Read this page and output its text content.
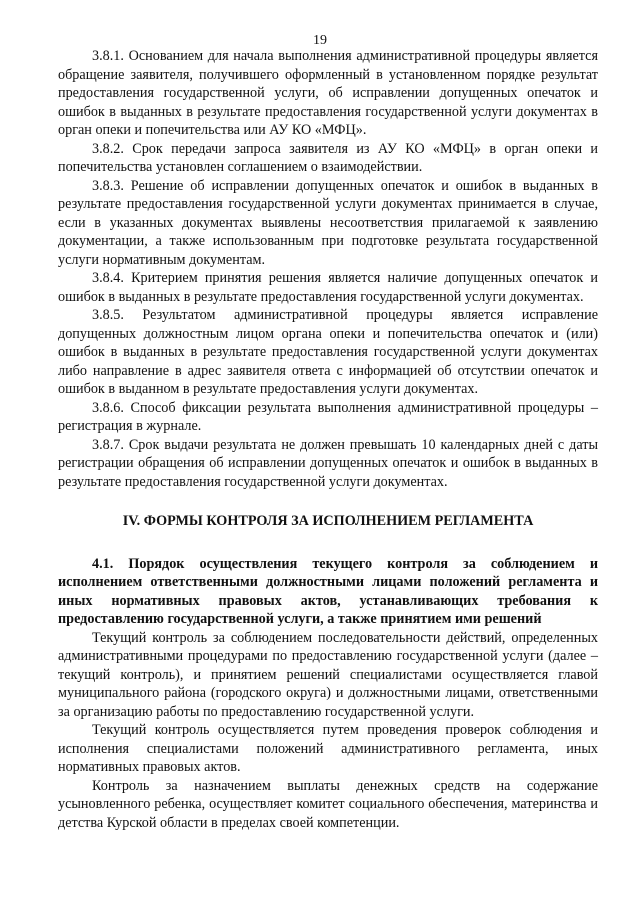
19

3.8.1. Основанием для начала выполнения административной процедуры является обращение заявителя, получившего оформленный в установленном порядке результат предоставления государственной услуги, об исправлении допущенных опечаток и ошибок в выданных в результате предоставления государственной услуги документах в орган опеки и попечительства или АУ КО «МФЦ».

3.8.2. Срок передачи запроса заявителя из АУ КО «МФЦ» в орган опеки и попечительства установлен соглашением о взаимодействии.

3.8.3. Решение об исправлении допущенных опечаток и ошибок в выданных в результате предоставления государственной услуги документах принимается в случае, если в указанных документах выявлены несоответствия прилагаемой к заявлению документации, а также использованным при подготовке результата государственной услуги нормативным документам.

3.8.4. Критерием принятия решения является наличие допущенных опечаток и ошибок в выданных в результате предоставления государственной услуги документах.

3.8.5. Результатом административной процедуры является исправление допущенных должностным лицом органа опеки и попечительства опечаток и (или) ошибок в выданных в результате предоставления государственной услуги документах либо направление в адрес заявителя ответа с информацией об отсутствии опечаток и ошибок в выданном в результате предоставления услуги документах.

3.8.6. Способ фиксации результата выполнения административной процедуры – регистрация в журнале.

3.8.7. Срок выдачи результата не должен превышать 10 календарных дней с даты регистрации обращения об исправлении допущенных опечаток и ошибок в выданных в результате предоставления государственной услуги документах.

IV. ФОРМЫ КОНТРОЛЯ ЗА ИСПОЛНЕНИЕМ РЕГЛАМЕНТА

4.1. Порядок осуществления текущего контроля за соблюдением и исполнением ответственными должностными лицами положений регламента и иных нормативных правовых актов, устанавливающих требования к предоставлению государственной услуги, а также принятием ими решений

Текущий контроль за соблюдением последовательности действий, определенных административными процедурами по предоставлению государственной услуги (далее – текущий контроль), и принятием решений специалистами осуществляется главой муниципального района (городского округа) и должностными лицами, ответственными за организацию работы по предоставлению государственной услуги.

Текущий контроль осуществляется путем проведения проверок соблюдения и исполнения специалистами положений административного регламента, иных нормативных правовых актов.

Контроль за назначением выплаты денежных средств на содержание усыновленного ребенка, осуществляет комитет социального обеспечения, материнства и детства Курской области в пределах своей компетенции.
